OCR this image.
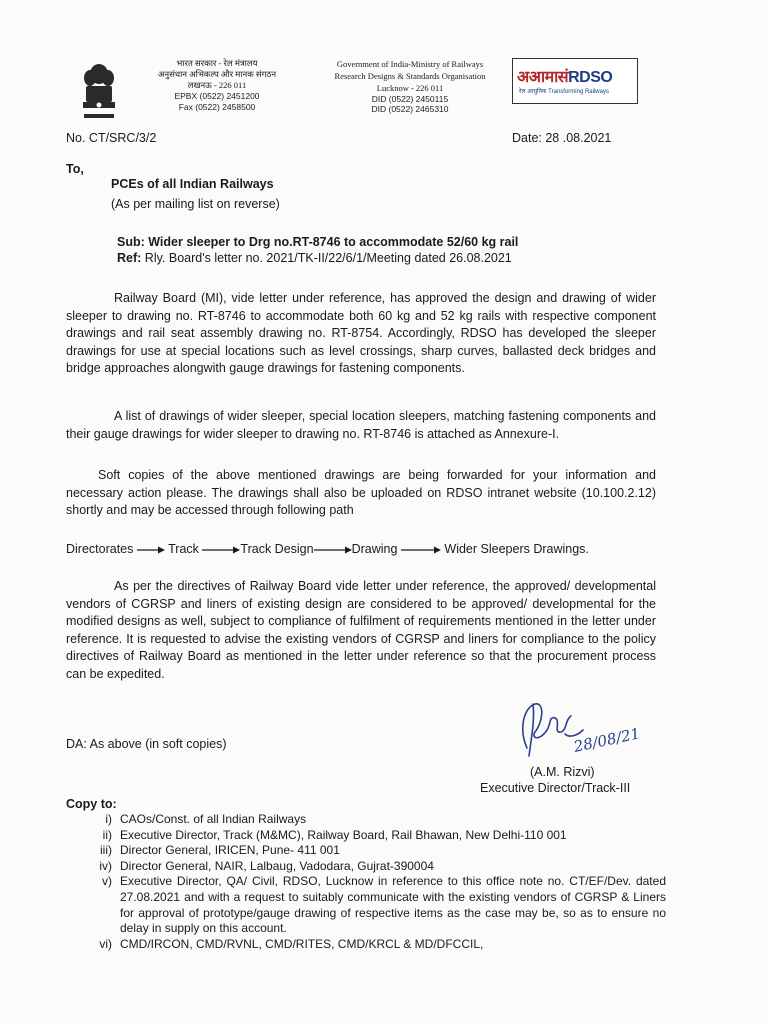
भारत सरकार - रेल मंत्रालय
अनुसंधान अभिकल्प और मानक संगठन
लखनऊ - 226 011
EPBX (0522) 2451200
Fax (0522) 2458500
Government of India-Ministry of Railways
Research Designs & Standards Organisation
Lucknow - 226 011
DID (0522) 2450115
DID (0522) 2465310
अआमासंRDSO
रेल आधुनिक Transforming Railways
No. CT/SRC/3/2	Date: 28 .08.2021
To,
PCEs of all Indian Railways
(As per mailing list on reverse)
Sub: Wider sleeper to Drg no.RT-8746 to accommodate 52/60 kg rail
Ref: Rly. Board's letter no. 2021/TK-II/22/6/1/Meeting dated 26.08.2021
Railway Board (MI), vide letter under reference, has approved the design and drawing of wider sleeper to drawing no. RT-8746 to accommodate both 60 kg and 52 kg rails with respective component drawings and rail seat assembly drawing no. RT-8754. Accordingly, RDSO has developed the sleeper drawings for use at special locations such as level crossings, sharp curves, ballasted deck bridges and bridge approaches alongwith gauge drawings for fastening components.
A list of drawings of wider sleeper, special location sleepers, matching fastening components and their gauge drawings for wider sleeper to drawing no. RT-8746 is attached as Annexure-I.
Soft copies of the above mentioned drawings are being forwarded for your information and necessary action please. The drawings shall also be uploaded on RDSO intranet website (10.100.2.12) shortly and may be accessed through following path
Directorates	Track	Track Design	Drawing	Wider Sleepers Drawings.
As per the directives of Railway Board vide letter under reference, the approved/ developmental vendors of CGRSP and liners of existing design are considered to be approved/ developmental for the modified designs as well, subject to compliance of fulfilment of requirements mentioned in the letter under reference. It is requested to advise the existing vendors of CGRSP and liners for compliance to the policy directives of Railway Board as mentioned in the letter under reference so that the procurement process can be expedited.
DA: As above (in soft copies)	28/08/21
(A.M. Rizvi)
Executive Director/Track-III
Copy to:
i) CAOs/Const. of all Indian Railways
ii) Executive Director, Track (M&MC), Railway Board, Rail Bhawan, New Delhi-110 001
iii) Director General, IRICEN, Pune- 411 001
iv) Director General, NAIR, Lalbaug, Vadodara, Gujrat-390004
v) Executive Director, QA/ Civil, RDSO, Lucknow in reference to this office note no. CT/EF/Dev. dated 27.08.2021 and with a request to suitably communicate with the existing vendors of CGRSP & Liners for approval of prototype/gauge drawing of respective items as the case may be, so as to ensure no delay in supply on this account.
vi) CMD/IRCON, CMD/RVNL, CMD/RITES, CMD/KRCL & MD/DFCCIL,
